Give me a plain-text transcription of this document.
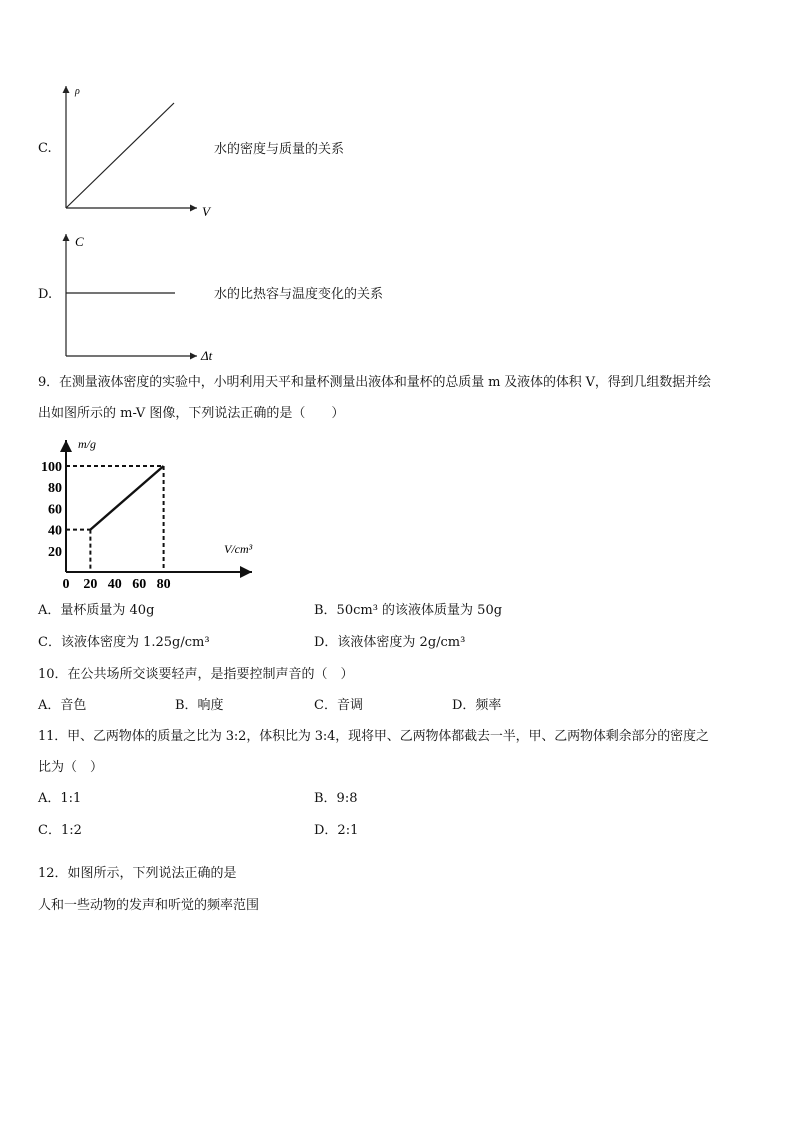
C.
ρ
V
水的密度与质量的关系
D.
C
Δt
水的比热容与温度变化的关系
9．在测量液体密度的实验中，小明利用天平和量杯测量出液体和量杯的总质量 m 及液体的体积 V，得到几组数据并绘
出如图所示的 m-V 图像，下列说法正确的是（　　）
20
40
60
80
100
0 20 40 60 80
m/g
V/cm³
A．量杯质量为 40g	B．50cm³ 的该液体质量为 50g
C．该液体密度为 1.25g/cm³	D．该液体密度为 2g/cm³
10．在公共场所交谈要轻声，是指要控制声音的（　）
A．音色	B．响度	C．音调	D．频率
11．甲、乙两物体的质量之比为 3:2，体积比为 3:4，现将甲、乙两物体都截去一半，甲、乙两物体剩余部分的密度之
比为（　）
A．1:1	B．9:8
C．1:2	D．2:1
12．如图所示，下列说法正确的是
人和一些动物的发声和听觉的频率范围
